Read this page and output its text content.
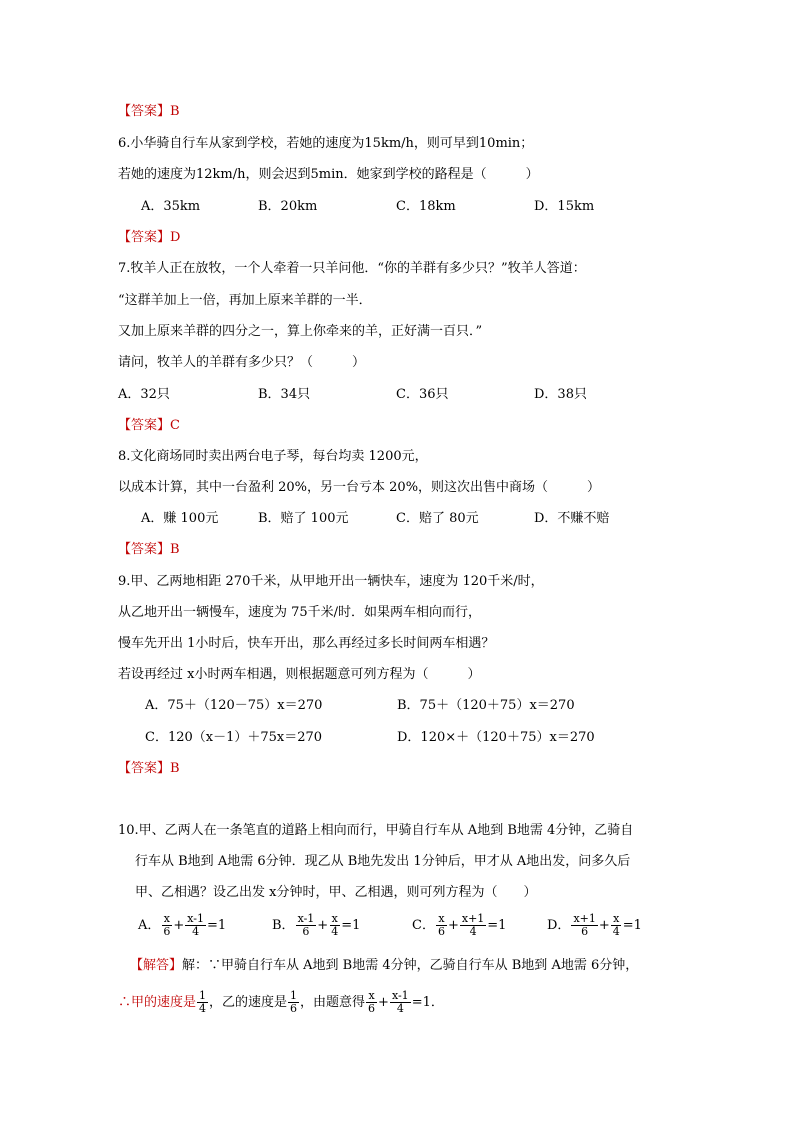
【答案】B
6.小华骑自行车从家到学校，若她的速度为15km/h，则可早到10min；
若她的速度为12km/h，则会迟到5min．她家到学校的路程是（　　　）
A．35km	B．20km	C．18km	D．15km
【答案】D
7.牧羊人正在放牧，一个人牵着一只羊问他．“你的羊群有多少只？”牧羊人答道：
“这群羊加上一倍，再加上原来羊群的一半．
又加上原来羊群的四分之一，算上你牵来的羊，正好满一百只．”
请问，牧羊人的羊群有多少只？（　　　）
A．32只	B．34只	C．36只	D．38只
【答案】C
8.文化商场同时卖出两台电子琴，每台均卖 1200元，
以成本计算，其中一台盈利 20%，另一台亏本 20%，则这次出售中商场（　　　）
A．赚 100元	B．赔了 100元	C．赔了 80元	D．不赚不赔
【答案】B
9.甲、乙两地相距 270千米，从甲地开出一辆快车，速度为 120千米/时，
从乙地开出一辆慢车，速度为 75千米/时．如果两车相向而行，
慢车先开出 1小时后，快车开出，那么再经过多长时间两车相遇？
若设再经过 x小时两车相遇，则根据题意可列方程为（　　　）
A．75＋（120－75）x＝270	B．75＋（120＋75）x＝270
C．120（x－1）＋75x＝270	D．120×＋（120＋75）x＝270
【答案】B
10.甲、乙两人在一条笔直的道路上相向而行，甲骑自行车从 A地到 B地需 4分钟，乙骑自
行车从 B地到 A地需 6分钟．现乙从 B地先发出 1分钟后，甲才从 A地出发，问多久后
甲、乙相遇？设乙出发 x分钟时，甲、乙相遇，则可列方程为（　　）
A． $\frac{x}{6} + \frac{x-1}{4} =1$	B． $\frac{x-1}{6} + \frac{x}{4} =1$	C． $\frac{x}{6} + \frac{x+1}{4} =1$	D． $\frac{x+1}{6} + \frac{x}{4} =1$
【解答】解：∵甲骑自行车从 A地到 B地需 4分钟，乙骑自行车从 B地到 A地需 6分钟，
∴甲的速度是 $\frac{1}{4}$ ，乙的速度是 $\frac{1}{6}$ ，由题意得 $\frac{x}{6} + \frac{x-1}{4} =1$．
